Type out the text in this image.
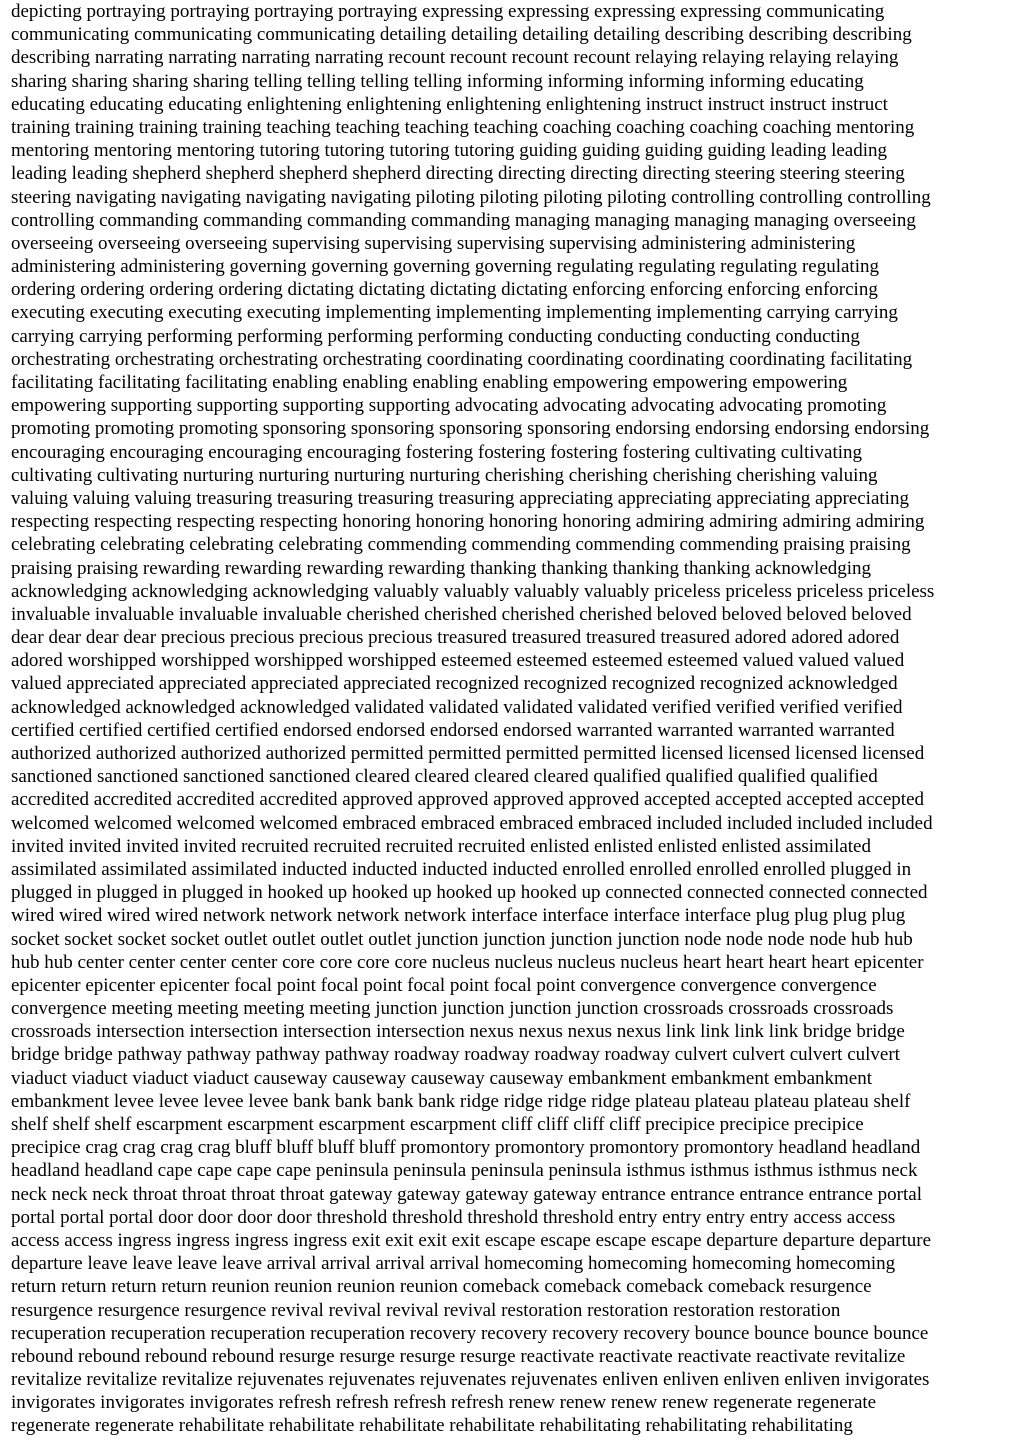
depicting portraying portraying portraying portraying expressing expressing expressing expressing communicating
communicating communicating communicating detailing detailing detailing detailing describing describing describing
describing narrating narrating narrating narrating recount recount recount recount relaying relaying relaying relaying
sharing sharing sharing sharing telling telling telling telling informing informing informing informing educating
educating educating educating enlightening enlightening enlightening enlightening instruct instruct instruct instruct
training training training training teaching teaching teaching teaching coaching coaching coaching coaching mentoring
mentoring mentoring mentoring tutoring tutoring tutoring tutoring guiding guiding guiding guiding leading leading
leading leading shepherd shepherd shepherd shepherd directing directing directing directing steering steering steering
steering navigating navigating navigating navigating piloting piloting piloting piloting controlling controlling controlling
controlling commanding commanding commanding commanding managing managing managing managing overseeing
overseeing overseeing overseeing supervising supervising supervising supervising administering administering
administering administering governing governing governing governing regulating regulating regulating regulating
ordering ordering ordering ordering dictating dictating dictating dictating enforcing enforcing enforcing enforcing
executing executing executing executing implementing implementing implementing implementing carrying carrying
carrying carrying performing performing performing performing conducting conducting conducting conducting
orchestrating orchestrating orchestrating orchestrating coordinating coordinating coordinating coordinating facilitating
facilitating facilitating facilitating enabling enabling enabling enabling empowering empowering empowering
empowering supporting supporting supporting supporting advocating advocating advocating advocating promoting
promoting promoting promoting sponsoring sponsoring sponsoring sponsoring endorsing endorsing endorsing endorsing
encouraging encouraging encouraging encouraging fostering fostering fostering fostering cultivating cultivating
cultivating cultivating nurturing nurturing nurturing nurturing cherishing cherishing cherishing cherishing valuing
valuing valuing valuing treasuring treasuring treasuring treasuring appreciating appreciating appreciating appreciating
respecting respecting respecting respecting honoring honoring honoring honoring admiring admiring admiring admiring
celebrating celebrating celebrating celebrating commending commending commending commending praising praising
praising praising rewarding rewarding rewarding rewarding thanking thanking thanking thanking acknowledging
acknowledging acknowledging acknowledging valuably valuably valuably valuably priceless priceless priceless priceless
invaluable invaluable invaluable invaluable cherished cherished cherished cherished beloved beloved beloved beloved
dear dear dear dear precious precious precious precious treasured treasured treasured treasured adored adored adored
adored worshipped worshipped worshipped worshipped esteemed esteemed esteemed esteemed valued valued valued
valued appreciated appreciated appreciated appreciated recognized recognized recognized recognized acknowledged
acknowledged acknowledged acknowledged validated validated validated validated verified verified verified verified
certified certified certified certified endorsed endorsed endorsed endorsed warranted warranted warranted warranted
authorized authorized authorized authorized permitted permitted permitted permitted licensed licensed licensed licensed
sanctioned sanctioned sanctioned sanctioned cleared cleared cleared cleared qualified qualified qualified qualified
accredited accredited accredited accredited approved approved approved approved accepted accepted accepted accepted
welcomed welcomed welcomed welcomed embraced embraced embraced embraced included included included included
invited invited invited invited recruited recruited recruited recruited enlisted enlisted enlisted enlisted assimilated
assimilated assimilated assimilated inducted inducted inducted inducted enrolled enrolled enrolled enrolled plugged in
plugged in plugged in plugged in hooked up hooked up hooked up hooked up connected connected connected connected
wired wired wired wired network network network network interface interface interface interface plug plug plug plug
socket socket socket socket outlet outlet outlet outlet junction junction junction junction node node node node hub hub
hub hub center center center center core core core core nucleus nucleus nucleus nucleus heart heart heart heart epicenter
epicenter epicenter epicenter focal point focal point focal point focal point convergence convergence convergence
convergence meeting meeting meeting meeting junction junction junction junction crossroads crossroads crossroads
crossroads intersection intersection intersection intersection nexus nexus nexus nexus link link link link bridge bridge
bridge bridge pathway pathway pathway pathway roadway roadway roadway roadway culvert culvert culvert culvert
viaduct viaduct viaduct viaduct causeway causeway causeway causeway embankment embankment embankment
embankment levee levee levee levee bank bank bank bank ridge ridge ridge ridge plateau plateau plateau plateau shelf
shelf shelf shelf escarpment escarpment escarpment escarpment cliff cliff cliff cliff precipice precipice precipice
precipice crag crag crag crag bluff bluff bluff bluff promontory promontory promontory promontory headland headland
headland headland cape cape cape cape peninsula peninsula peninsula peninsula isthmus isthmus isthmus isthmus neck
neck neck neck throat throat throat throat gateway gateway gateway gateway entrance entrance entrance entrance portal
portal portal portal door door door door threshold threshold threshold threshold entry entry entry entry access access
access access ingress ingress ingress ingress exit exit exit exit escape escape escape escape departure departure departure
departure leave leave leave leave arrival arrival arrival arrival homecoming homecoming homecoming homecoming
return return return return reunion reunion reunion reunion comeback comeback comeback comeback resurgence
resurgence resurgence resurgence revival revival revival revival restoration restoration restoration restoration
recuperation recuperation recuperation recuperation recovery recovery recovery recovery bounce bounce bounce bounce
rebound rebound rebound rebound resurge resurge resurge resurge reactivate reactivate reactivate reactivate revitalize
revitalize revitalize revitalize rejuvenates rejuvenates rejuvenates rejuvenates enliven enliven enliven enliven invigorates
invigorates invigorates invigorates refresh refresh refresh refresh renew renew renew renew regenerate regenerate
regenerate regenerate rehabilitate rehabilitate rehabilitate rehabilitate rehabilitating rehabilitating rehabilitating
